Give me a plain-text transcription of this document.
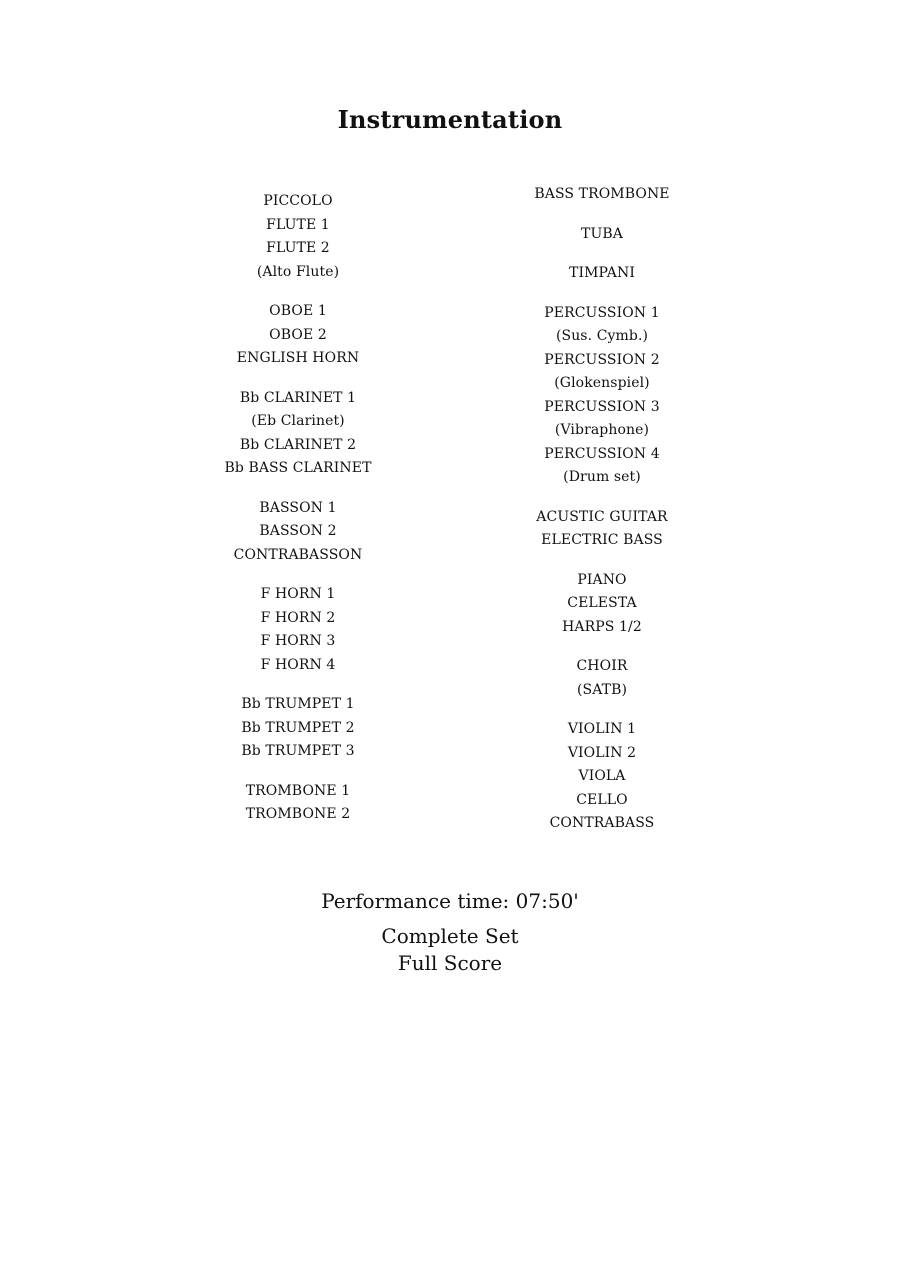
Instrumentation
PICCOLO
FLUTE 1
FLUTE 2
(Alto Flute)
OBOE 1
OBOE 2
ENGLISH HORN
Bb CLARINET 1
(Eb Clarinet)
Bb CLARINET 2
Bb BASS CLARINET
BASSON 1
BASSON 2
CONTRABASSON
F HORN 1
F HORN 2
F HORN 3
F HORN 4
Bb TRUMPET 1
Bb TRUMPET 2
Bb TRUMPET 3
TROMBONE 1
TROMBONE 2
BASS TROMBONE
TUBA
TIMPANI
PERCUSSION 1
(Sus. Cymb.)
PERCUSSION 2
(Glokenspiel)
PERCUSSION 3
(Vibraphone)
PERCUSSION 4
(Drum set)
ACUSTIC GUITAR
ELECTRIC BASS
PIANO
CELESTA
HARPS 1/2
CHOIR
(SATB)
VIOLIN 1
VIOLIN 2
VIOLA
CELLO
CONTRABASS
Performance time: 07:50'
Complete Set
Full Score
